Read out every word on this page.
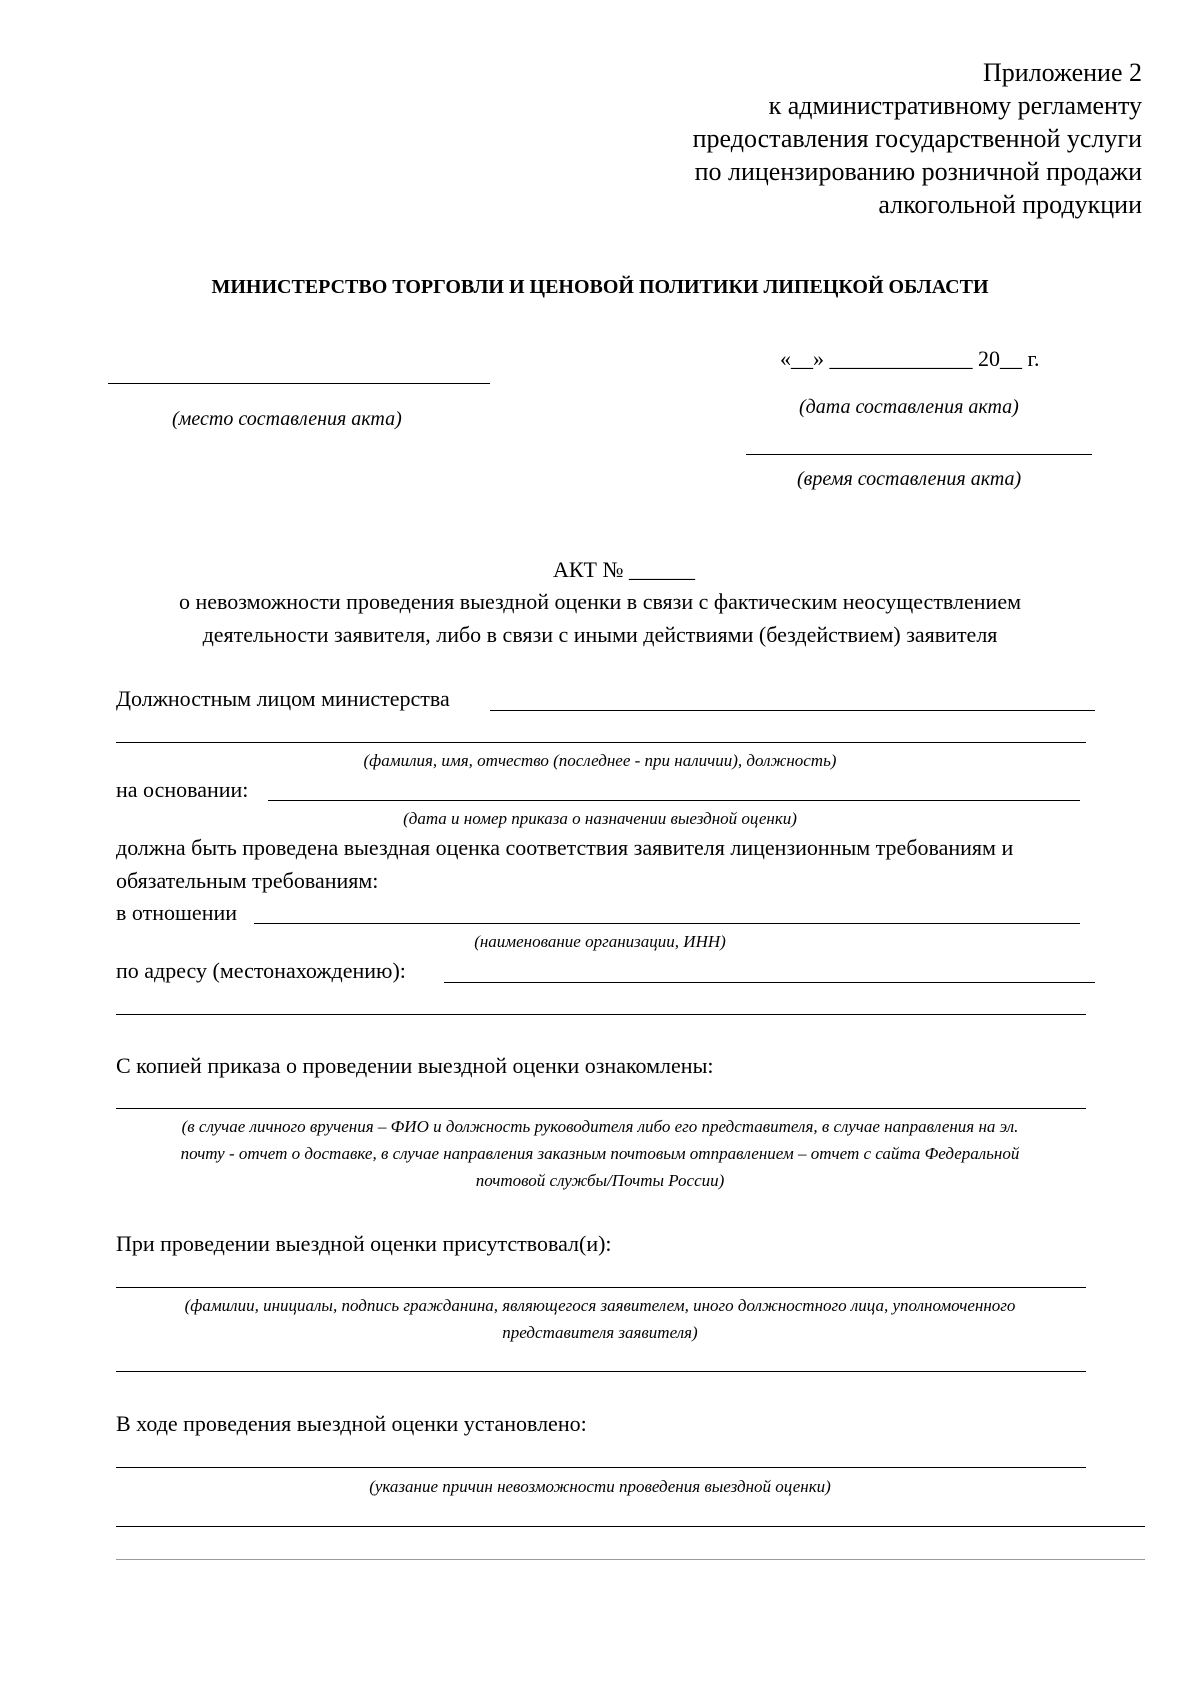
Приложение 2
к административному регламенту
предоставления государственной услуги
по лицензированию розничной продажи
алкогольной продукции
МИНИСТЕРСТВО ТОРГОВЛИ И ЦЕНОВОЙ ПОЛИТИКИ ЛИПЕЦКОЙ ОБЛАСТИ
(место составления акта)
«__» _____________ 20__ г.
(дата составления акта)
(время составления акта)
АКТ № ______
о невозможности проведения выездной оценки в связи с фактическим неосуществлением
деятельности заявителя, либо в связи с иными действиями (бездействием) заявителя
Должностным лицом министерства
(фамилия, имя, отчество (последнее - при наличии), должность)
на основании:
(дата и номер приказа о назначении выездной оценки)
должна быть проведена выездная оценка соответствия заявителя лицензионным требованиям и
обязательным требованиям:
в отношении
(наименование организации, ИНН)
по адресу (местонахождению):
С копией приказа о проведении выездной оценки ознакомлены:
(в случае личного вручения – ФИО и должность руководителя либо его представителя, в случае направления на эл.
почту - отчет о доставке, в случае направления заказным почтовым отправлением – отчет с сайта Федеральной
почтовой службы/Почты России)
При проведении выездной оценки присутствовал(и):
(фамилии, инициалы, подпись гражданина, являющегося заявителем, иного должностного лица, уполномоченного
представителя заявителя)
В ходе проведения выездной оценки установлено:
(указание причин невозможности проведения выездной оценки)
